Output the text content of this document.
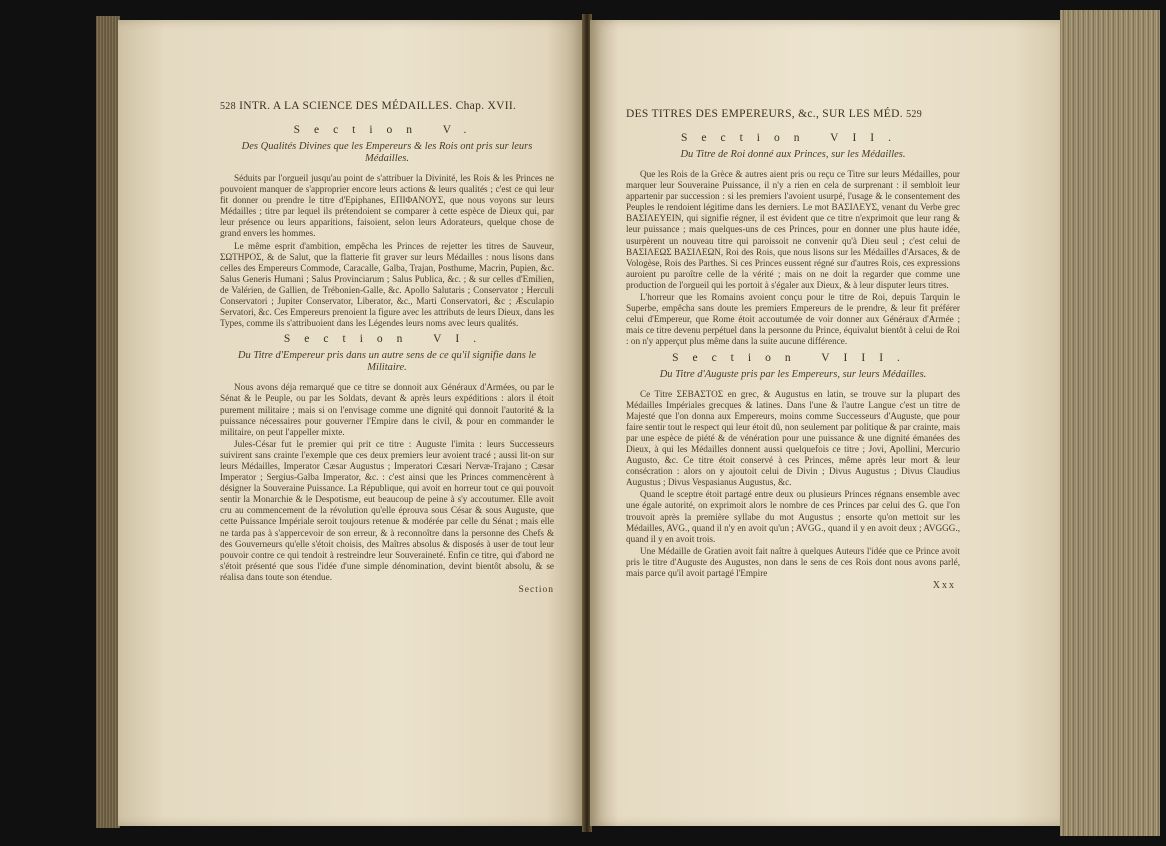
528 INTR. A LA SCIENCE DES MÉDAILLES. Chap. XVII.
Section V.
Des Qualités Divines que les Empereurs & les Rois ont pris sur leurs Médailles.

Séduits par l'orgueil jusqu'au point de s'attribuer la Divinité, les Rois & les Princes ne pouvoient manquer de s'approprier encore leurs actions & leurs qualités ; c'est ce qui leur fit donner ou prendre le titre d'Epiphanes, ΕΠΙΦΑΝΟΥΣ, que nous voyons sur leurs Médailles ; titre par lequel ils prétendoient se comparer à cette espèce de Dieux qui, par leur présence ou leurs apparitions, faisoient, selon leurs Adorateurs, quelque chose de grand envers les hommes.

Le même esprit d'ambition, empêcha les Princes de rejetter les titres de Sauveur, ΣΩΤΗΡΟΣ, & de Salut, que la flatterie fit graver sur leurs Médailles : nous lisons dans celles des Empereurs Commode, Caracalle, Galba, Trajan, Posthume, Macrin, Pupien, &c. Salus Generis Humani ; Salus Provinciarum ; Salus Publica, &c. ; & sur celles d'Emilien, de Valérien, de Gallien, de Trébonien-Galle, &c. Apollo Salutaris ; Conservator ; Herculi Conservatori ; Jupiter Conservator, Liberator, &c., Marti Conservatori, &c ; Æsculapio Servatori, &c. Ces Empereurs prenoient la figure avec les attributs de leurs Dieux, dans les Types, comme ils s'attribuoient dans les Légendes leurs noms avec leurs qualités.

Section VI.
Du Titre d'Empereur pris dans un autre sens de ce qu'il signifie dans le Militaire.

Nous avons déja remarqué que ce titre se donnoit aux Généraux d'Armées, ou par le Sénat & le Peuple, ou par les Soldats, devant & après leurs expéditions : alors il étoit purement militaire ; mais si on l'envisage comme une dignité qui donnoit l'autorité & la puissance nécessaires pour gouverner l'Empire dans le civil, & pour en commander le militaire, on peut l'appeller mixte.

Jules-César fut le premier qui prit ce titre : Auguste l'imita : leurs Successeurs suivirent sans crainte l'exemple que ces deux premiers leur avoient tracé ; aussi lit-on sur leurs Médailles, Imperator Cæsar Augustus ; Imperatori Cæsari Nervæ-Trajano ; Cæsar Imperator ; Sergius-Galba Imperator, &c. : c'est ainsi que les Princes commencèrent à désigner la Souveraine Puissance. La République, qui avoit en horreur tout ce qui pouvoit sentir la Monarchie & le Despotisme, eut beaucoup de peine à s'y accoutumer. Elle avoit cru au commencement de la révolution qu'elle éprouva sous César & sous Auguste, que cette Puissance Impériale seroit toujours retenue & modérée par celle du Sénat ; mais elle ne tarda pas à s'appercevoir de son erreur, & à reconnoître dans la personne des Chefs & des Gouverneurs qu'elle s'étoit choisis, des Maîtres absolus & disposés à user de tout leur pouvoir contre ce qui tendoit à restreindre leur Souveraineté. Enfin ce titre, qui d'abord ne s'étoit présenté que sous l'idée d'une simple dénomination, devint bientôt absolu, & se réalisa dans toute son étendue.

Section
DES TITRES DES EMPEREURS, &c., SUR LES MÉD. 529
Section VII.
Du Titre de Roi donné aux Princes, sur les Médailles.

Que les Rois de la Grèce & autres aient pris ou reçu ce Titre sur leurs Médailles, pour marquer leur Souveraine Puissance, il n'y a rien en cela de surprenant : il sembloit leur appartenir par succession : si les premiers l'avoient usurpé, l'usage & le consentement des Peuples le rendoient légitime dans les derniers. Le mot ΒΑΣΙΛΕΥΣ, venant du Verbe grec ΒΑΣΙΛΕΥΕΙΝ, qui signifie régner, il est évident que ce titre n'exprimoit que leur rang & leur puissance ; mais quelques-uns de ces Princes, pour en donner une plus haute idée, usurpèrent un nouveau titre qui paroissoit ne convenir qu'à Dieu seul ; c'est celui de ΒΑΣΙΛΕΩΣ ΒΑΣΙΛΕΩΝ, Roi des Rois, que nous lisons sur les Médailles d'Arsaces, & de Vologèse, Rois des Parthes. Si ces Princes eussent régné sur d'autres Rois, ces expressions auroient pu paroître celle de la vérité ; mais on ne doit la regarder que comme une production de l'orgueil qui les portoit à s'égaler aux Dieux, & à leur disputer leurs titres.

L'horreur que les Romains avoient conçu pour le titre de Roi, depuis Tarquin le Superbe, empêcha sans doute les premiers Empereurs de le prendre, & leur fit préférer celui d'Empereur, que Rome étoit accoutumée de voir donner aux Généraux d'Armée ; mais ce titre devenu perpétuel dans la personne du Prince, équivalut bientôt à celui de Roi : on n'y apperçut plus même dans la suite aucune différence.

Section VIII.
Du Titre d'Auguste pris par les Empereurs, sur leurs Médailles.

Ce Titre ΣΕΒΑΣΤΟΣ en grec, & Augustus en latin, se trouve sur la plupart des Médailles Impériales grecques & latines. Dans l'une & l'autre Langue c'est un titre de Majesté que l'on donna aux Empereurs, moins comme Successeurs d'Auguste, que pour faire sentir tout le respect qui leur étoit dû, non seulement par politique & par crainte, mais par une espèce de piété & de vénération pour une puissance & une dignité émanées des Dieux, à qui les Médailles donnent aussi quelquefois ce titre ; Jovi, Apollini, Mercurio Augusto, &c. Ce titre étoit conservé à ces Princes, même après leur mort & leur consécration : alors on y ajoutoit celui de Divin ; Divus Augustus ; Divus Claudius Augustus ; Divus Vespasianus Augustus, &c.

Quand le sceptre étoit partagé entre deux ou plusieurs Princes régnans ensemble avec une égale autorité, on exprimoit alors le nombre de ces Princes par celui des G. que l'on trouvoit après la première syllabe du mot Augustus ; ensorte qu'on mettoit sur les Médailles, AVG., quand il n'y en avoit qu'un ; AVGG., quand il y en avoit deux ; AVGGG., quand il y en avoit trois.

Une Médaille de Gratien avoit fait naître à quelques Auteurs l'idée que ce Prince avoit pris le titre d'Auguste des Augustes, non dans le sens de ces Rois dont nous avons parlé, mais parce qu'il avoit partagé l'Empire

Xxx
